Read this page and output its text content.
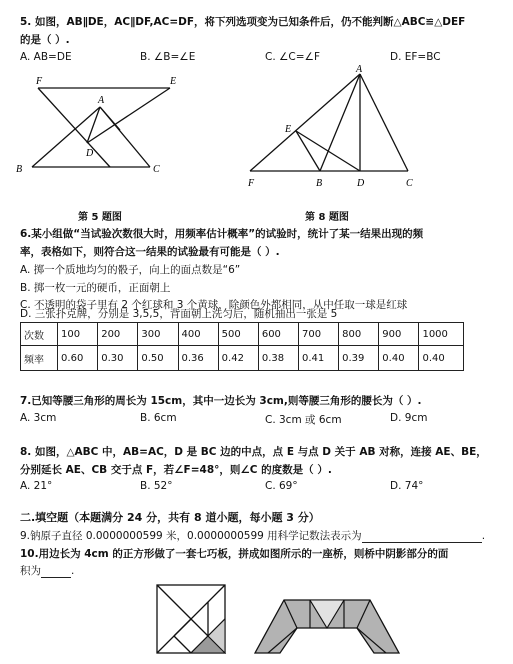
5. 如图，AB∥DE，AC∥DF,AC=DF，将下列选项变为已知条件后，仍不能判断△ABC≌△DEF
的是（ ）.
A. AB=DE	B. ∠B=∠E	C. ∠C=∠F	D. EF=BC
F	E
A
D
B	C
A
E
F	B	D	C
第 5 题图	第 8 题图
6.某小组做“当试验次数很大时，用频率估计概率”的试验时，统计了某一结果出现的频
率，表格如下，则符合这一结果的试验最有可能是（ ）.
A. 掷一个质地均匀的骰子，向上的面点数是“6”
B. 掷一枚一元的硬币，正面朝上
C. 不透明的袋子里有 2 个红球和 3 个黄球，除颜色外都相同，从中任取一球是红球
D. 三张扑克牌，分别是 3,5,5，背面朝上洗匀后，随机抽出一张是 5
次数	100	200	300	400	500	600	700	800	900	1000
频率	0.60	0.30	0.50	0.36	0.42	0.38	0.41	0.39	0.40	0.40
7.已知等腰三角形的周长为 15cm，其中一边长为 3cm,则等腰三角形的腰长为（ ）.
A. 3cm	B. 6cm	C. 3cm 或 6cm	D. 9cm
8. 如图，△ABC 中，AB=AC，D 是 BC 边的中点，点 E 与点 D 关于 AB 对称，连接 AE、BE，
分别延长 AE、CB 交于点 F，若∠F=48°，则∠C 的度数是（ ）.
A. 21°	B. 52°	C. 69°	D. 74°
二.填空题（本题满分 24 分，共有 8 道小题，每小题 3 分）
9.钠原子直径 0.0000000599 米，0.0000000599 用科学记数法表示为	.
10.用边长为 4cm 的正方形做了一套七巧板，拼成如图所示的一座桥，则桥中阴影部分的面
积为	.
